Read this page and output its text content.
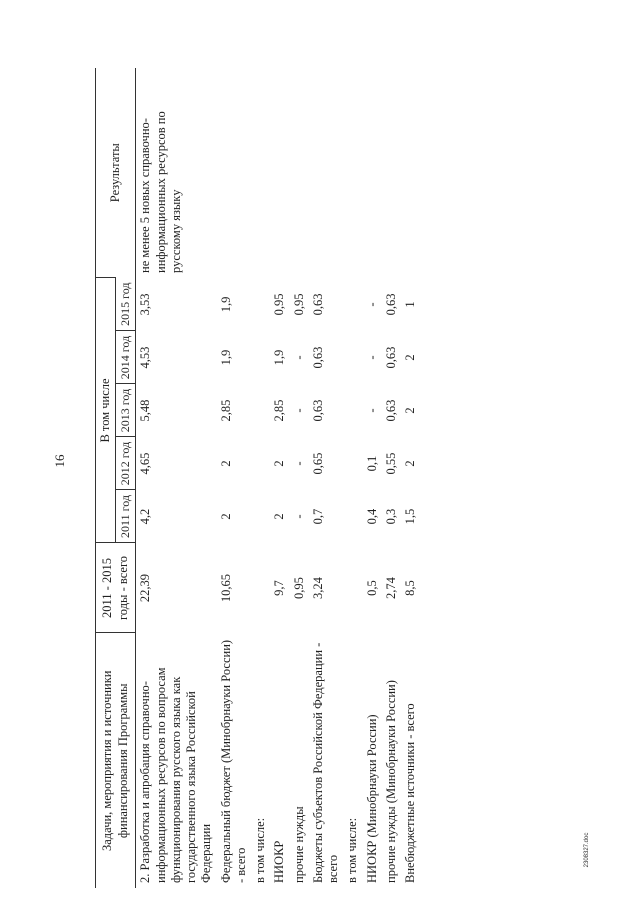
16
Задачи, мероприятия и источники финансирования Программы	2011 - 2015 годы - всего	В том числе					Результаты
		2011 год	2012 год	2013 год	2014 год	2015 год	
2. Разработка и апробация справочно-информационных ресурсов по вопросам функционирования русского языка как государственного языка Российской Федерации	22,39	4,2	4,65	5,48	4,53	3,53	не менее 5 новых справочно-информационных ресурсов по русскому языку
Федеральный бюджет (Минобрнауки России) - всего	10,65	2	2	2,85	1,9	1,9	
в том числе:							
НИОКР	9,7	2	2	2,85	1,9	0,95	
прочие нужды	0,95	-	-	-	-	0,95	
Бюджеты субъектов Российской Федерации - всего	3,24	0,7	0,65	0,63	0,63	0,63	
в том числе:							
НИОКР (Минобрнауки России)	0,5	0,4	0,1	-	-	-	
прочие нужды (Минобрнауки России)	2,74	0,3	0,55	0,63	0,63	0,63	
Внебюджетные источники - всего	8,5	1,5	2	2	2	1	
2308327.doc
